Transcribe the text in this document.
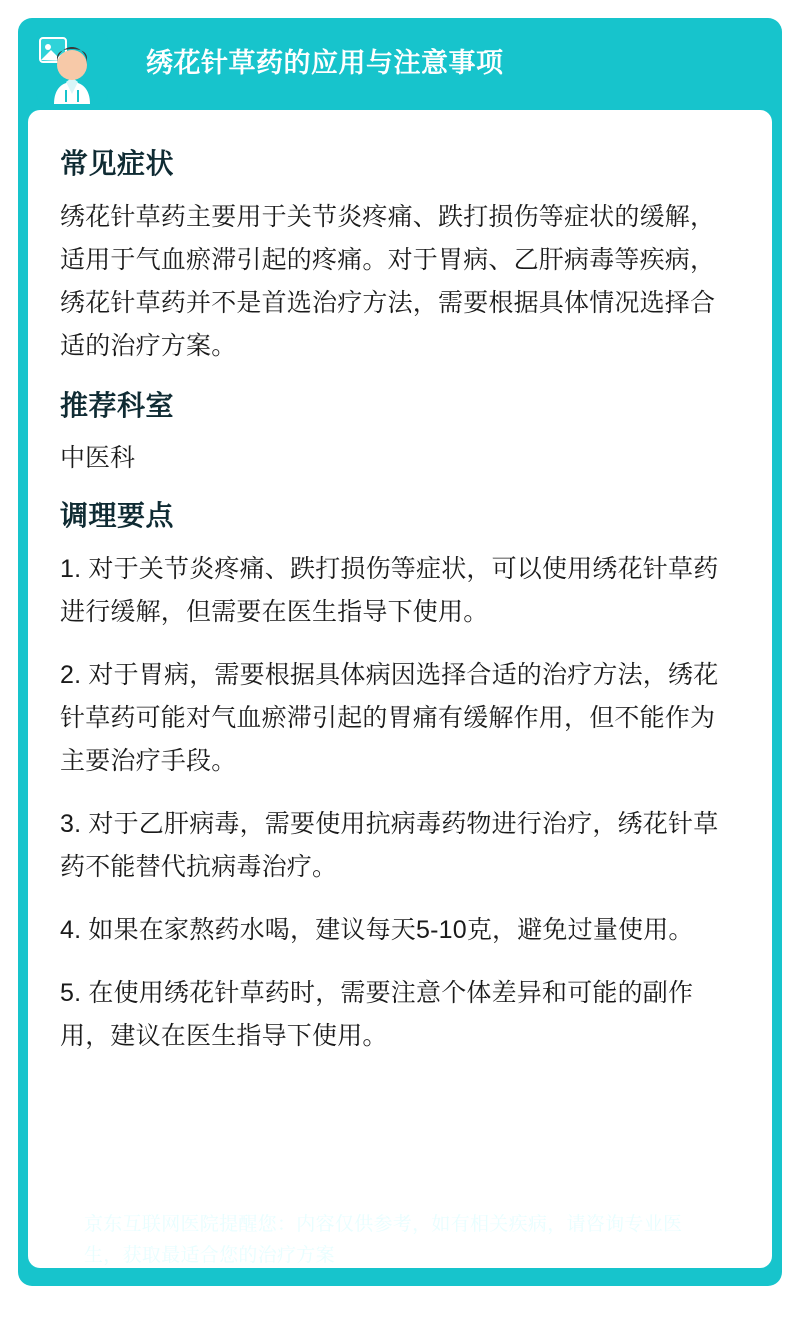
绣花针草药的应用与注意事项
常见症状

绣花针草药主要用于关节炎疼痛、跌打损伤等症状的缓解，适用于气血瘀滞引起的疼痛。对于胃病、乙肝病毒等疾病，绣花针草药并不是首选治疗方法，需要根据具体情况选择合适的治疗方案。

推荐科室

中医科

调理要点
1. 对于关节炎疼痛、跌打损伤等症状，可以使用绣花针草药进行缓解，但需要在医生指导下使用。
2. 对于胃病，需要根据具体病因选择合适的治疗方法，绣花针草药可能对气血瘀滞引起的胃痛有缓解作用，但不能作为主要治疗手段。
3. 对于乙肝病毒，需要使用抗病毒药物进行治疗，绣花针草药不能替代抗病毒治疗。
4. 如果在家熬药水喝，建议每天5-10克，避免过量使用。
5. 在使用绣花针草药时，需要注意个体差异和可能的副作用，建议在医生指导下使用。
i
京东互联网医院提醒您：内容仅供参考，如有相关疾病，请咨询专业医生，获取最适合您的治疗方案
